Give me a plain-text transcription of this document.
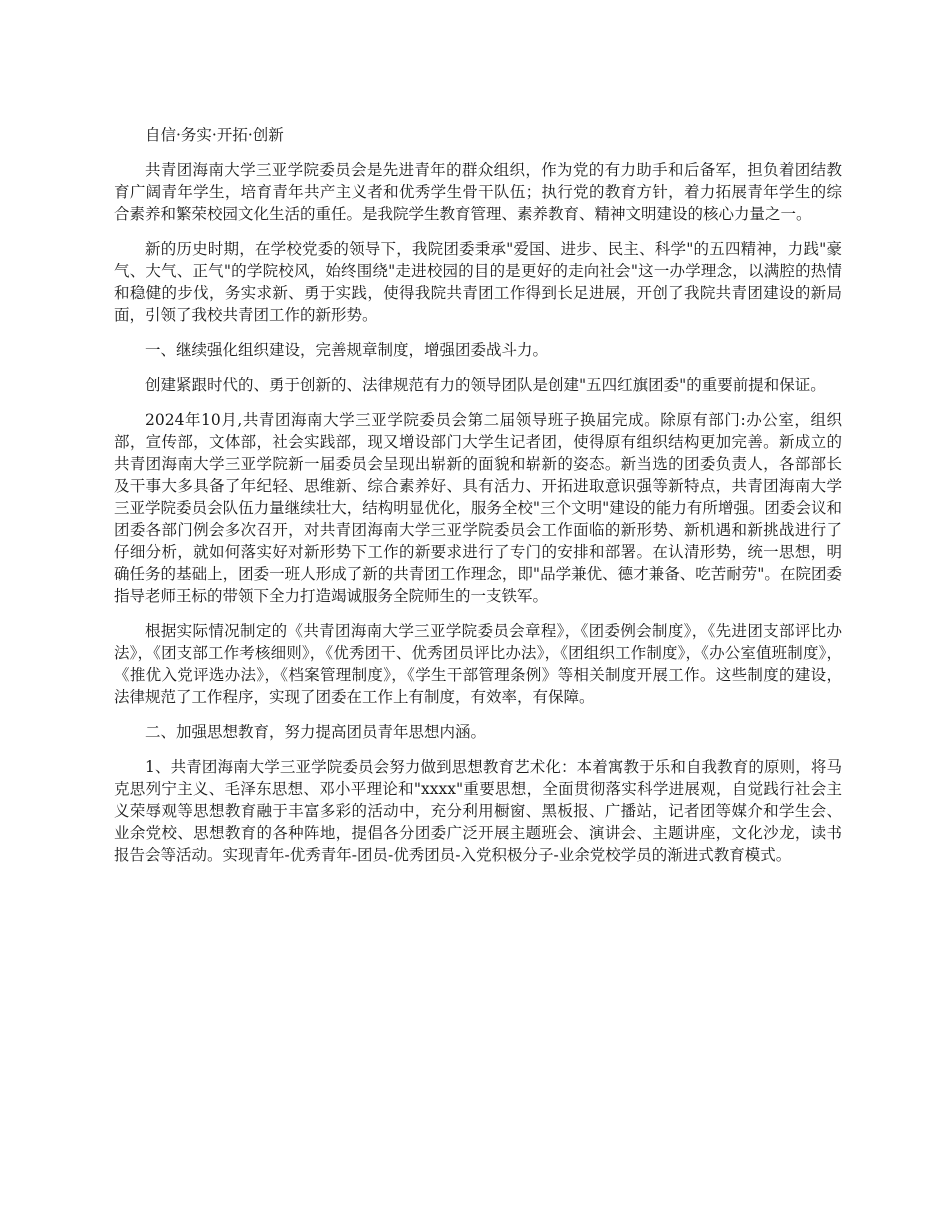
自信·务实·开拓·创新

共青团海南大学三亚学院委员会是先进青年的群众组织，作为党的有力助手和后备军，担负着团结教育广阔青年学生，培育青年共产主义者和优秀学生骨干队伍；执行党的教育方针，着力拓展青年学生的综合素养和繁荣校园文化生活的重任。是我院学生教育管理、素养教育、精神文明建设的核心力量之一。

新的历史时期，在学校党委的领导下，我院团委秉承"爱国、进步、民主、科学"的五四精神，力践"豪气、大气、正气"的学院校风，始终围绕"走进校园的目的是更好的走向社会"这一办学理念，以满腔的热情和稳健的步伐，务实求新、勇于实践，使得我院共青团工作得到长足进展，开创了我院共青团建设的新局面，引领了我校共青团工作的新形势。

一、继续强化组织建设，完善规章制度，增强团委战斗力。

创建紧跟时代的、勇于创新的、法律规范有力的领导团队是创建"五四红旗团委"的重要前提和保证。

2024年10月,共青团海南大学三亚学院委员会第二届领导班子换届完成。除原有部门:办公室，组织部，宣传部，文体部，社会实践部，现又增设部门大学生记者团，使得原有组织结构更加完善。新成立的共青团海南大学三亚学院新一届委员会呈现出崭新的面貌和崭新的姿态。新当选的团委负责人，各部部长及干事大多具备了年纪轻、思维新、综合素养好、具有活力、开拓进取意识强等新特点，共青团海南大学三亚学院委员会队伍力量继续壮大，结构明显优化，服务全校"三个文明"建设的能力有所增强。团委会议和团委各部门例会多次召开，对共青团海南大学三亚学院委员会工作面临的新形势、新机遇和新挑战进行了仔细分析，就如何落实好对新形势下工作的新要求进行了专门的安排和部署。在认清形势，统一思想，明确任务的基础上，团委一班人形成了新的共青团工作理念，即"品学兼优、德才兼备、吃苦耐劳"。在院团委指导老师王标的带领下全力打造竭诚服务全院师生的一支铁军。

根据实际情况制定的《共青团海南大学三亚学院委员会章程》，《团委例会制度》，《先进团支部评比办法》，《团支部工作考核细则》，《优秀团干、优秀团员评比办法》，《团组织工作制度》，《办公室值班制度》，《推优入党评选办法》，《档案管理制度》，《学生干部管理条例》等相关制度开展工作。这些制度的建设，法律规范了工作程序，实现了团委在工作上有制度，有效率，有保障。

二、加强思想教育，努力提高团员青年思想内涵。

1、共青团海南大学三亚学院委员会努力做到思想教育艺术化：本着寓教于乐和自我教育的原则，将马克思列宁主义、毛泽东思想、邓小平理论和"xxxx"重要思想，全面贯彻落实科学进展观，自觉践行社会主义荣辱观等思想教育融于丰富多彩的活动中，充分利用橱窗、黑板报、广播站，记者团等媒介和学生会、业余党校、思想教育的各种阵地，提倡各分团委广泛开展主题班会、演讲会、主题讲座，文化沙龙，读书报告会等活动。实现青年-优秀青年-团员-优秀团员-入党积极分子-业余党校学员的渐进式教育模式。
